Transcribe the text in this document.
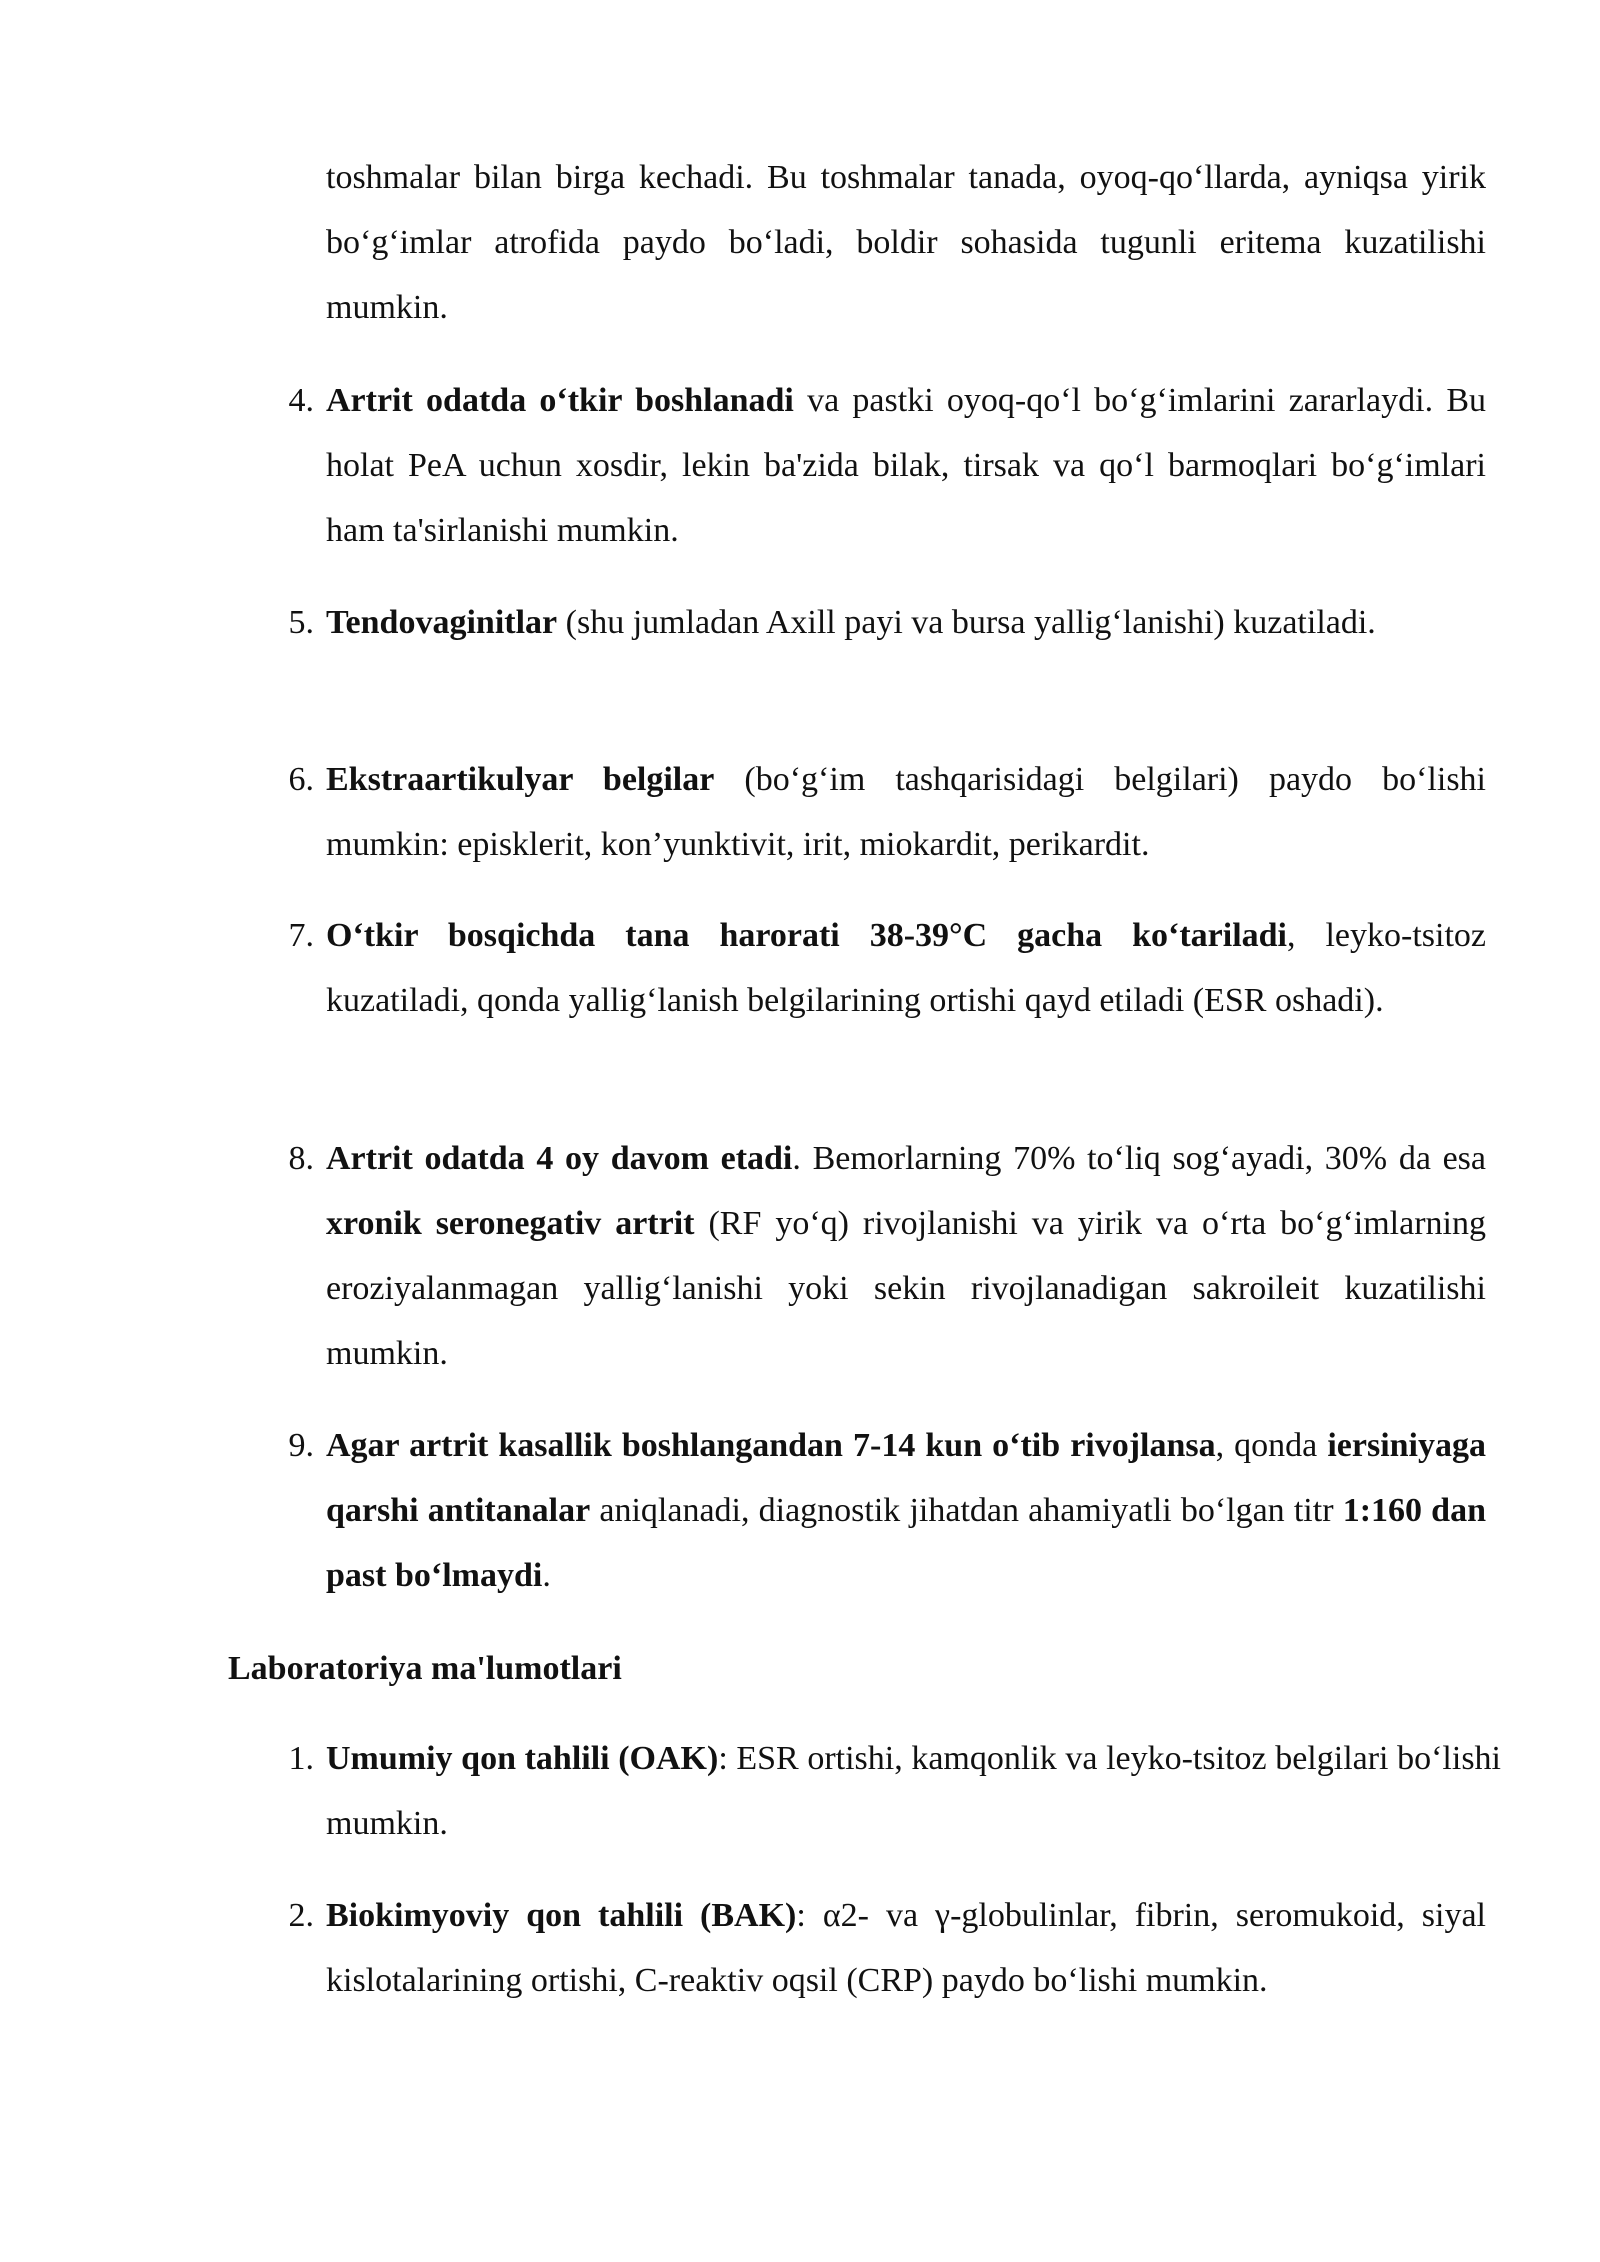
toshmalar bilan birga kechadi. Bu toshmalar tanada, oyoq-qo‘llarda, ayniqsa yirik bo‘g‘imlar atrofida paydo bo‘ladi, boldir sohasida tugunli eritema kuzatilishi mumkin.

4. Artrit odatda o‘tkir boshlanadi va pastki oyoq-qo‘l bo‘g‘imlarini zararlaydi. Bu holat PeA uchun xosdir, lekin ba'zida bilak, tirsak va qo‘l barmoqlari bo‘g‘imlari ham ta'sirlanishi mumkin.
5. Tendovaginitlar (shu jumladan Axill payi va bursa yallig‘lanishi) kuzatiladi.
6. Ekstraartikulyar belgilar (bo‘g‘im tashqarisidagi belgilari) paydo bo‘lishi mumkin: episklerit, kon’yunktivit, irit, miokardit, perikardit.
7. O‘tkir bosqichda tana harorati 38-39°C gacha ko‘tariladi, leyko-tsitoz kuzatiladi, qonda yallig‘lanish belgilarining ortishi qayd etiladi (ESR oshadi).
8. Artrit odatda 4 oy davom etadi. Bemorlarning 70% to‘liq sog‘ayadi, 30% da esa xronik seronegativ artrit (RF yo‘q) rivojlanishi va yirik va o‘rta bo‘g‘imlarning eroziyalanmagan yallig‘lanishi yoki sekin rivojlanadigan sakroileit kuzatilishi mumkin.
9. Agar artrit kasallik boshlangandan 7-14 kun o‘tib rivojlansa, qonda iersiniyaga qarshi antitanalar aniqlanadi, diagnostik jihatdan ahamiyatli bo‘lgan titr 1:160 dan past bo‘lmaydi.
Laboratoriya ma'lumotlari
1. Umumiy qon tahlili (OAK): ESR ortishi, kamqonlik va leyko-tsitoz belgilari bo‘lishi mumkin.
2. Biokimyoviy qon tahlili (BAK): α2- va γ-globulinlar, fibrin, seromukoid, siyal kislotalarining ortishi, C-reaktiv oqsil (CRP) paydo bo‘lishi mumkin.
